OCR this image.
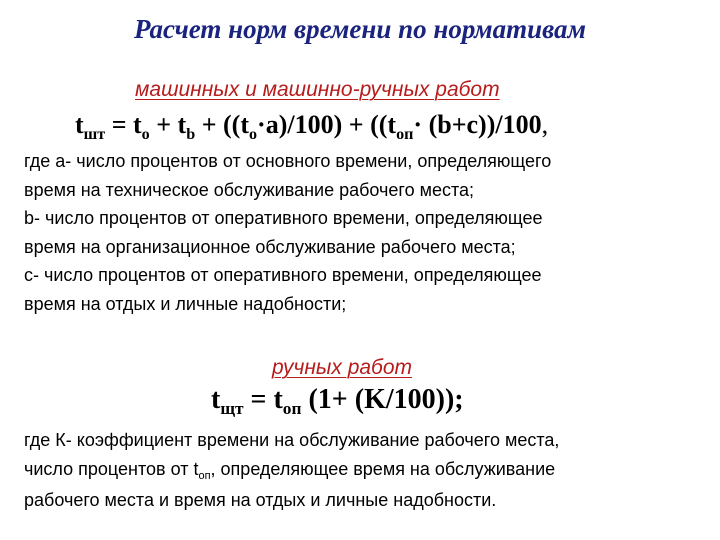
Расчет норм времени по нормативам
машинных и машинно-ручных работ
$t_{шт} = t_o + t_b + ((t_o\cdot a)/100) + ((t_{оп}\cdot (b+c))/100$,
где а- число процентов от основного времени, определяющего
время на техническое обслуживание рабочего места;
b- число процентов от оперативного времени, определяющее
время на организационное обслуживание рабочего места;
с- число процентов от оперативного времени, определяющее
время на отдых и личные надобности;
ручных работ
$t_{щт} = t_{оп}$ (1+ (K/100));
где К- коэффициент времени на обслуживание рабочего места,
число процентов от $t_{оп}$, определяющее время на обслуживание
рабочего места и время на отдых и личные надобности.
